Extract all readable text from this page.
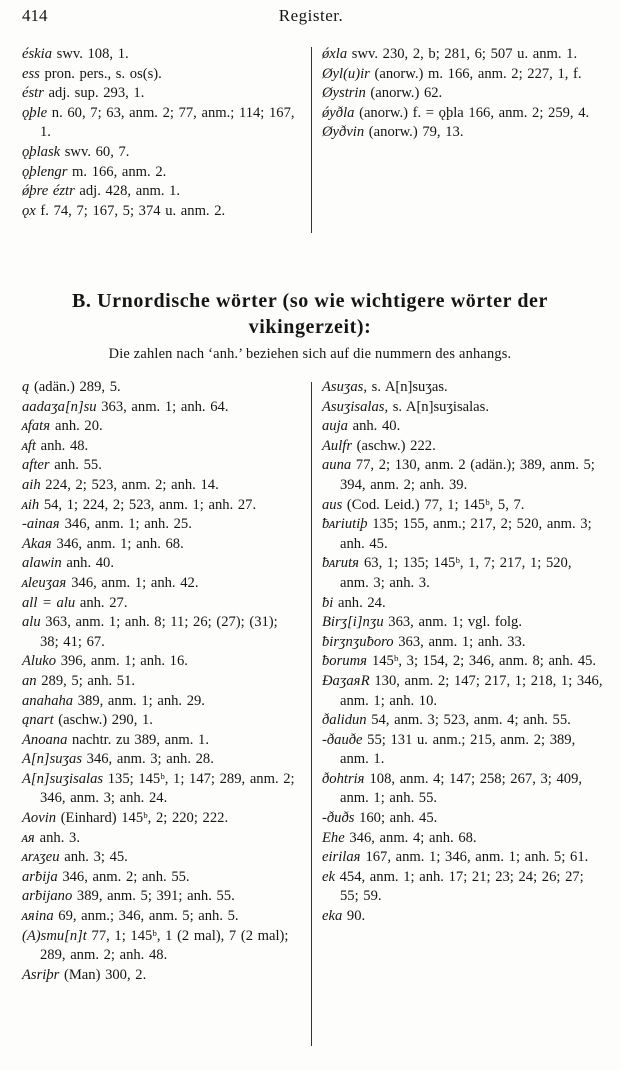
414	Register.
éskia swv. 108, 1.
ess pron. pers., s. os(s).
éstr adj. sup. 293, 1.
ǫþle n. 60, 7; 63, anm. 2; 77, anm.; 114; 167, 1.
ǫþlask swv. 60, 7.
ǫþlengr m. 166, anm. 2.
ǿþre éztr adj. 428, anm. 1.
ǫx f. 74, 7; 167, 5; 374 u. anm. 2.
ǿxla swv. 230, 2, b; 281, 6; 507 u. anm. 1.
Øyl(u)ir (anorw.) m. 166, anm. 2; 227, 1, f.
Øystrin (anorw.) 62.
ǿyðla (anorw.) f. = ǫþla 166, anm. 2; 259, 4.
Øyðvin (anorw.) 79, 13.
B. Urnordische wörter (so wie wichtigere wörter der vikingerzeit):
Die zahlen nach ‘anh.’ beziehen sich auf die nummern des anhangs.
ą (adän.) 289, 5.
aadaʒa[n]su 363, anm. 1; anh. 64.
ᴀfatᴙ anh. 20.
ᴀft anh. 48.
after anh. 55.
aih 224, 2; 523, anm. 2; anh. 14.
ᴀih 54, 1; 224, 2; 523, anm. 1; anh. 27.
-ainaᴙ 346, anm. 1; anh. 25.
Akaᴙ 346, anm. 1; anh. 68.
alawin anh. 40.
ᴀleuʒaᴙ 346, anm. 1; anh. 42.
all = alu anh. 27.
alu 363, anm. 1; anh. 8; 11; 26; (27); (31); 38; 41; 67.
Aluko 396, anm. 1; anh. 16.
an 289, 5; anh. 51.
anahaha 389, anm. 1; anh. 29.
ąnart (aschw.) 290, 1.
Anoana nachtr. zu 389, anm. 1.
A[n]suʒas 346, anm. 3; anh. 28.
A[n]suʒisalas 135; 145ᵇ, 1; 147; 289, anm. 2; 346, anm. 3; anh. 24.
Aovin (Einhard) 145ᵇ, 2; 220; 222.
ᴀᴙ anh. 3.
ᴀrᴀʒeu anh. 3; 45.
arƀija 346, anm. 2; anh. 55.
arƀijano 389, anm. 5; 391; anh. 55.
ᴀᴙina 69, anm.; 346, anm. 5; anh. 5.
(A)smu[n]t 77, 1; 145ᵇ, 1 (2 mal), 7 (2 mal); 289, anm. 2; anh. 48.
Asriþr (Man) 300, 2.
Asuʒas, s. A[n]suʒas.
Asuʒisalas, s. A[n]suʒisalas.
auja anh. 40.
Aulfr (aschw.) 222.
auna 77, 2; 130, anm. 2 (adän.); 389, anm. 5; 394, anm. 2; anh. 39.
aus (Cod. Leid.) 77, 1; 145ᵇ, 5, 7.
ƀᴀriutiþ 135; 155, anm.; 217, 2; 520, anm. 3; anh. 45.
ƀᴀrutᴙ 63, 1; 135; 145ᵇ, 1, 7; 217, 1; 520, anm. 3; anh. 3.
ƀi anh. 24.
Birʒ[i]nʒu 363, anm. 1; vgl. folg.
ƀirʒnʒuƀoro 363, anm. 1; anh. 33.
ƀorumᴙ 145ᵇ, 3; 154, 2; 346, anm. 8; anh. 45.
ÐaʒaᴙR 130, anm. 2; 147; 217, 1; 218, 1; 346, anm. 1; anh. 10.
ðalidun 54, anm. 3; 523, anm. 4; anh. 55.
-ðauðe 55; 131 u. anm.; 215, anm. 2; 389, anm. 1.
ðohtriᴙ 108, anm. 4; 147; 258; 267, 3; 409, anm. 1; anh. 55.
-ðuðs 160; anh. 45.
Ehe 346, anm. 4; anh. 68.
eirilaᴙ 167, anm. 1; 346, anm. 1; anh. 5; 61.
ek 454, anm. 1; anh. 17; 21; 23; 24; 26; 27; 55; 59.
eka 90.
